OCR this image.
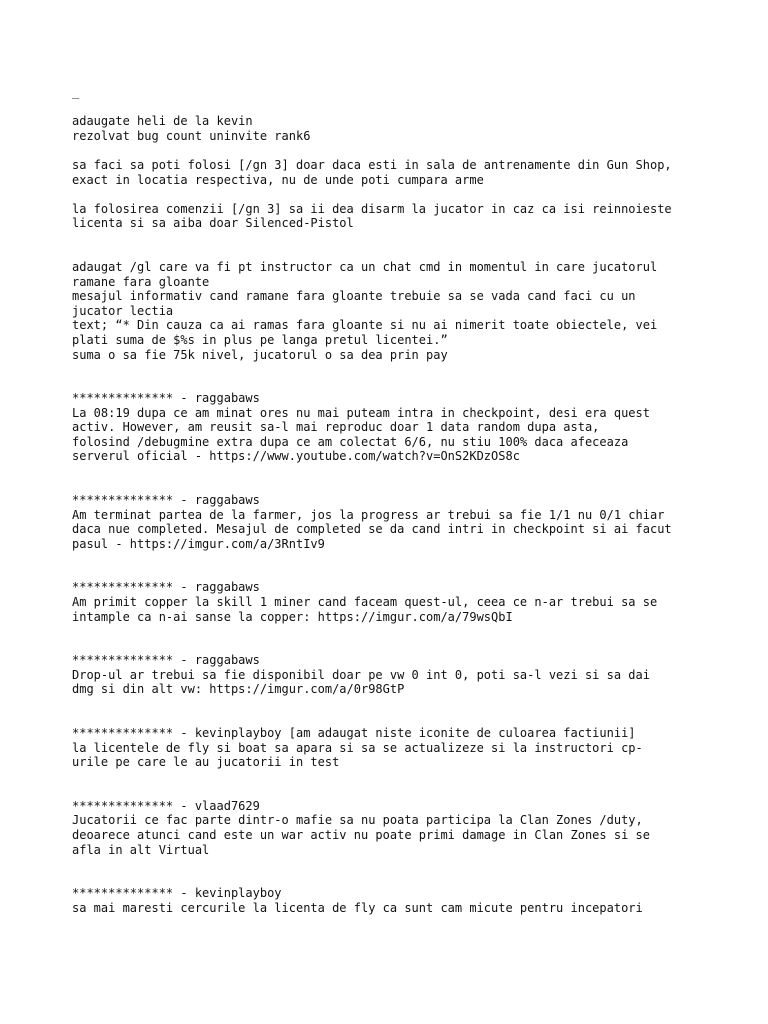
_

adaugate heli de la kevin

rezolvat bug count uninvite rank6

sa faci sa poti folosi [/gn 3] doar daca esti in sala de antrenamente din Gun Shop,

exact in locatia respectiva, nu de unde poti cumpara arme

la folosirea comenzii [/gn 3] sa ii dea disarm la jucator in caz ca isi reinnoieste

licenta si sa aiba doar Silenced-Pistol

adaugat /gl care va fi pt instructor ca un chat cmd in momentul in care jucatorul

ramane fara gloante

mesajul informativ cand ramane fara gloante trebuie sa se vada cand faci cu un

jucator lectia

text; “* Din cauza ca ai ramas fara gloante si nu ai nimerit toate obiectele, vei

plati suma de $%s in plus pe langa pretul licentei.”

suma o sa fie 75k nivel, jucatorul o sa dea prin pay

************** - raggabaws

La 08:19 dupa ce am minat ores nu mai puteam intra in checkpoint, desi era quest

activ. However, am reusit sa-l mai reproduc doar 1 data random dupa asta,

folosind /debugmine extra dupa ce am colectat 6/6, nu stiu 100% daca afeceaza

serverul oficial - https://www.youtube.com/watch?v=OnS2KDzOS8c

************** - raggabaws

Am terminat partea de la farmer, jos la progress ar trebui sa fie 1/1 nu 0/1 chiar

daca nue completed. Mesajul de completed se da cand intri in checkpoint si ai facut

pasul - https://imgur.com/a/3RntIv9

************** - raggabaws

Am primit copper la skill 1 miner cand faceam quest-ul, ceea ce n-ar trebui sa se

intample ca n-ai sanse la copper: https://imgur.com/a/79wsQbI

************** - raggabaws

Drop-ul ar trebui sa fie disponibil doar pe vw 0 int 0, poti sa-l vezi si sa dai

dmg si din alt vw: https://imgur.com/a/0r98GtP

************** - kevinplayboy [am adaugat niste iconite de culoarea factiunii]

la licentele de fly si boat sa apara si sa se actualizeze si la instructori cp-

urile pe care le au jucatorii in test

************** - vlaad7629

Jucatorii ce fac parte dintr-o mafie sa nu poata participa la Clan Zones /duty,

deoarece atunci cand este un war activ nu poate primi damage in Clan Zones si se

afla in alt Virtual

************** - kevinplayboy

sa mai maresti cercurile la licenta de fly ca sunt cam micute pentru incepatori
